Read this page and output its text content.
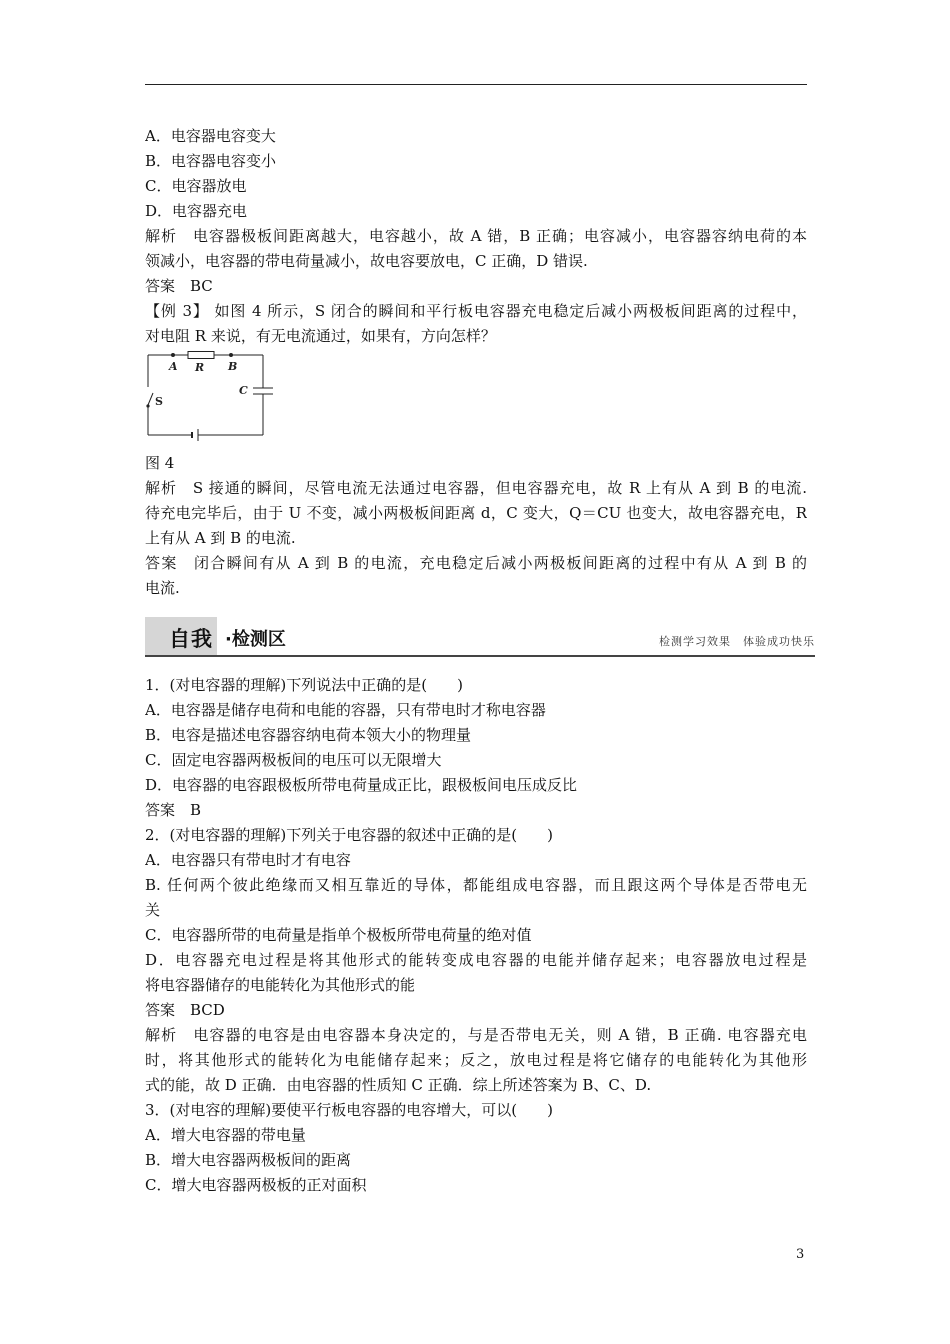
A．电容器电容变大
B．电容器电容变小
C．电容器放电
D．电容器充电
解析　电容器极板间距离越大，电容越小，故 A 错，B 正确；电容减小，电容器容纳电荷的本
领减小，电容器的带电荷量减小，故电容要放电，C 正确，D 错误.
答案　BC
【例 3】 如图 4 所示，S 闭合的瞬间和平行板电容器充电稳定后减小两极板间距离的过程中，
对电阻 R 来说，有无电流通过，如果有，方向怎样？
A R B
C
S
图 4
解析　S 接通的瞬间，尽管电流无法通过电容器，但电容器充电，故 R 上有从 A 到 B 的电流.
待充电完毕后，由于 U 不变，减小两极板间距离 d，C 变大，Q＝CU 也变大，故电容器充电，R
上有从 A 到 B 的电流.
答案　闭合瞬间有从 A 到 B 的电流，充电稳定后减小两极板间距离的过程中有从 A 到 B 的
电流.
自我 ·检测区	检测学习效果　体验成功快乐
1．(对电容器的理解)下列说法中正确的是(　　)
A．电容器是储存电荷和电能的容器，只有带电时才称电容器
B．电容是描述电容器容纳电荷本领大小的物理量
C．固定电容器两极板间的电压可以无限增大
D．电容器的电容跟极板所带电荷量成正比，跟极板间电压成反比
答案　B
2．(对电容器的理解)下列关于电容器的叙述中正确的是(　　)
A．电容器只有带电时才有电容
B. 任何两个彼此绝缘而又相互靠近的导体，都能组成电容器，而且跟这两个导体是否带电无
关
C．电容器所带的电荷量是指单个极板所带电荷量的绝对值
D．电容器充电过程是将其他形式的能转变成电容器的电能并储存起来；电容器放电过程是
将电容器储存的电能转化为其他形式的能
答案　BCD
解析　电容器的电容是由电容器本身决定的，与是否带电无关，则 A 错，B 正确. 电容器充电
时，将其他形式的能转化为电能储存起来；反之，放电过程是将它储存的电能转化为其他形
式的能，故 D 正确．由电容器的性质知 C 正确．综上所述答案为 B、C、D.
3．(对电容的理解)要使平行板电容器的电容增大，可以(　　)
A．增大电容器的带电量
B．增大电容器两极板间的距离
C．增大电容器两极板的正对面积
3
